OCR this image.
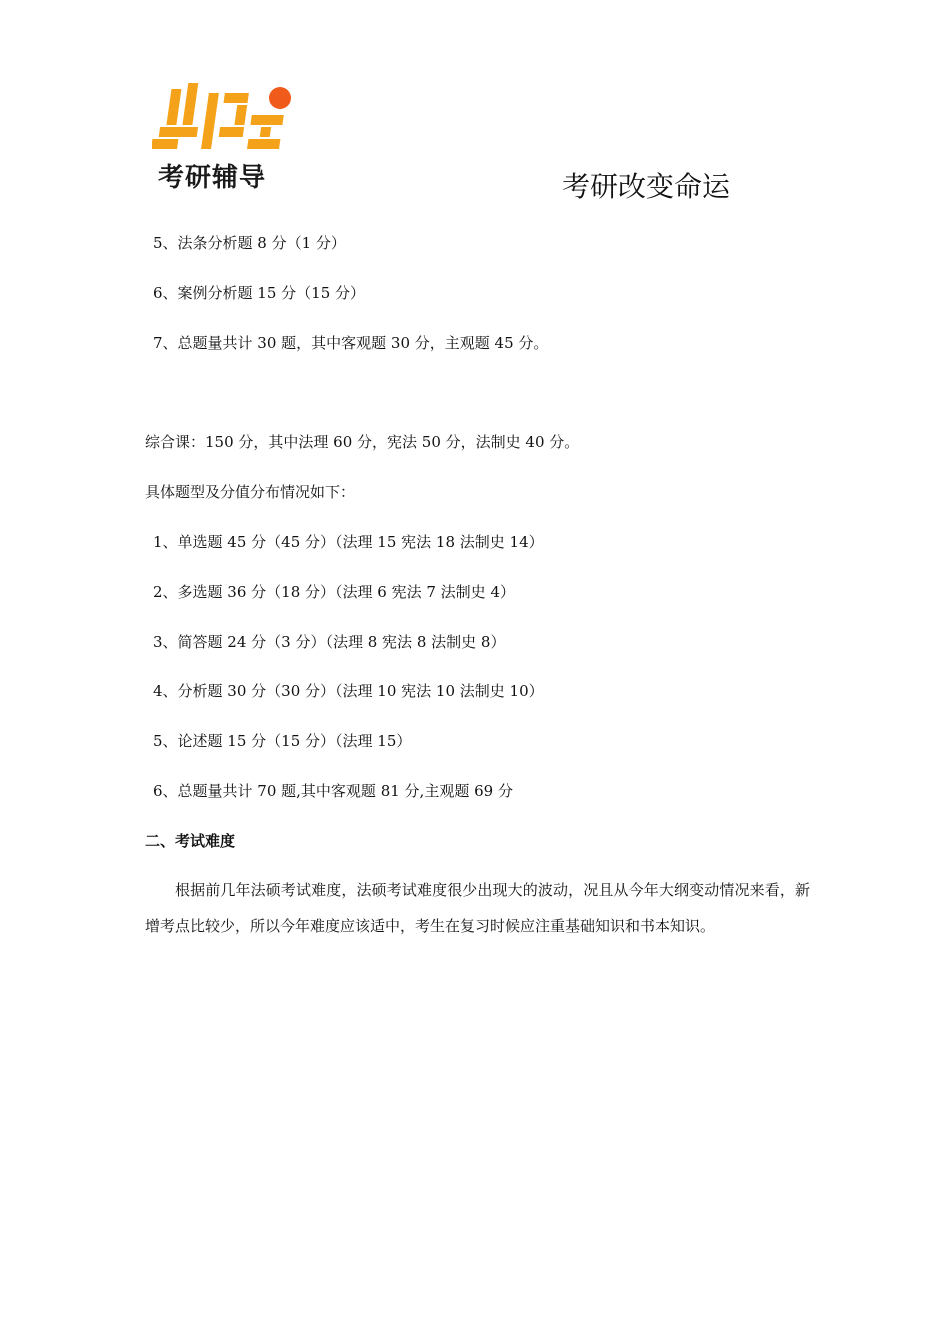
考研辅导	考研改变命运
5、法条分析题 8 分（1 分）
6、案例分析题 15 分（15 分）
7、总题量共计 30 题，其中客观题 30 分，主观题 45 分。
综合课：150 分，其中法理 60 分，宪法 50 分，法制史 40 分。
具体题型及分值分布情况如下：
1、单选题 45 分（45 分）（法理 15 宪法 18 法制史 14）
2、多选题 36 分（18 分）（法理 6 宪法 7 法制史 4）
3、简答题 24 分（3 分）（法理 8 宪法 8 法制史 8）
4、分析题 30 分（30 分）（法理 10 宪法 10 法制史 10）
5、论述题 15 分（15 分）（法理 15）
6、总题量共计 70 题,其中客观题 81 分,主观题 69 分
二、考试难度
根据前几年法硕考试难度，法硕考试难度很少出现大的波动，况且从今年大纲变动情况来看，新增考点比较少，所以今年难度应该适中，考生在复习时候应注重基础知识和书本知识。
